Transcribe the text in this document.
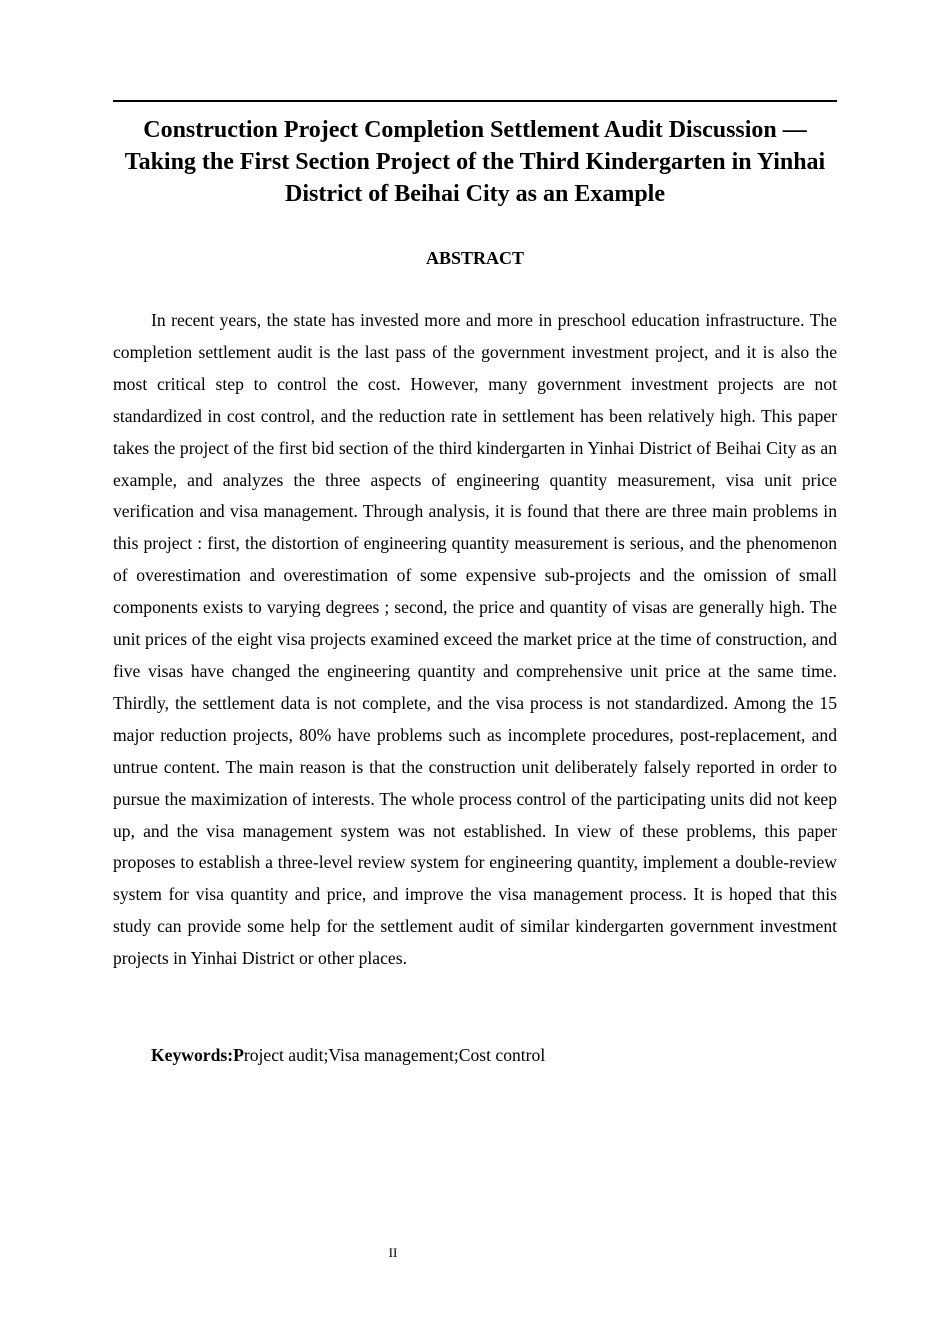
Construction Project Completion Settlement Audit Discussion — Taking the First Section Project of the Third Kindergarten in Yinhai District of Beihai City as an Example
ABSTRACT

In recent years, the state has invested more and more in preschool education infrastructure. The completion settlement audit is the last pass of the government investment project, and it is also the most critical step to control the cost. However, many government investment projects are not standardized in cost control, and the reduction rate in settlement has been relatively high. This paper takes the project of the first bid section of the third kindergarten in Yinhai District of Beihai City as an example, and analyzes the three aspects of engineering quantity measurement, visa unit price verification and visa management. Through analysis, it is found that there are three main problems in this project : first, the distortion of engineering quantity measurement is serious, and the phenomenon of overestimation and overestimation of some expensive sub-projects and the omission of small components exists to varying degrees ; second, the price and quantity of visas are generally high. The unit prices of the eight visa projects examined exceed the market price at the time of construction, and five visas have changed the engineering quantity and comprehensive unit price at the same time. Thirdly, the settlement data is not complete, and the visa process is not standardized. Among the 15 major reduction projects, 80% have problems such as incomplete procedures, post-replacement, and untrue content. The main reason is that the construction unit deliberately falsely reported in order to pursue the maximization of interests. The whole process control of the participating units did not keep up, and the visa management system was not established. In view of these problems, this paper proposes to establish a three-level review system for engineering quantity, implement a double-review system for visa quantity and price, and improve the visa management process. It is hoped that this study can provide some help for the settlement audit of similar kindergarten government investment projects in Yinhai District or other places.

Keywords:Project audit;Visa management;Cost control

II
